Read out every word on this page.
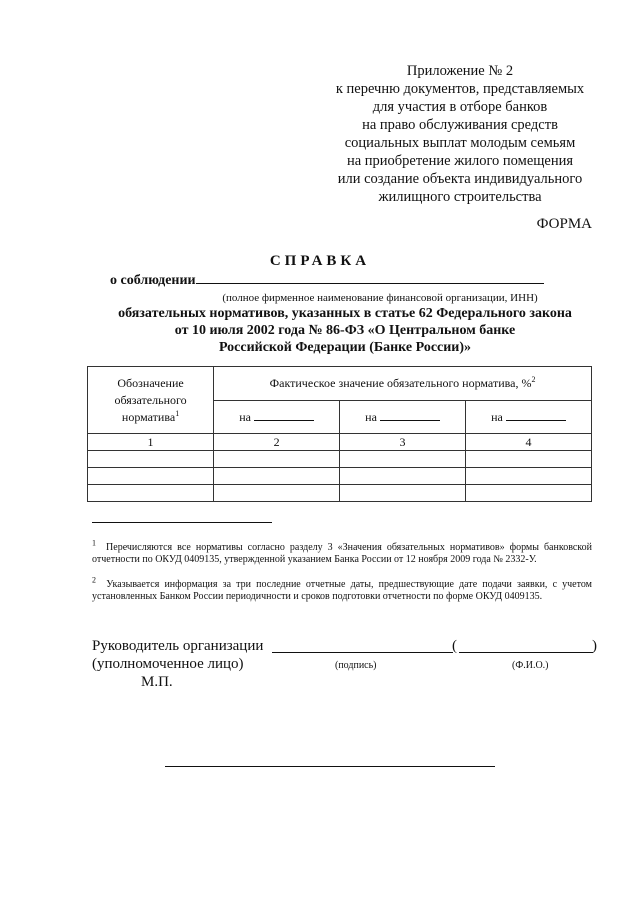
Приложение № 2
к перечню документов, представляемых
для участия в отборе банков
на право обслуживания средств
социальных выплат молодым семьям
на приобретение жилого помещения
или создание объекта индивидуального
жилищного строительства
ФОРМА
СПРАВКА
о соблюдении
(полное фирменное наименование финансовой организации, ИНН)
обязательных нормативов, указанных в статье 62 Федерального закона
от 10 июля 2002 года № 86-ФЗ «О Центральном банке
Российской Федерации (Банке России)»
Обозначение
обязательного
норматива$^1$	Фактическое значение обязательного норматива, %$^2$
	на	на	на
1	2	3	4

$^1$ Перечисляются все нормативы согласно разделу 3 «Значения обязательных нормативов» формы банковской отчетности по ОКУД 0409135, утвержденной указанием Банка России от 12 ноября 2009 года № 2332-У.
$^2$ Указывается информация за три последние отчетные даты, предшествующие дате подачи заявки, с учетом установленных Банком России периодичности и сроков подготовки отчетности по форме ОКУД 0409135.
Руководитель организации	(	)
(уполномоченное лицо)	(подпись)	(Ф.И.О.)
М.П.
